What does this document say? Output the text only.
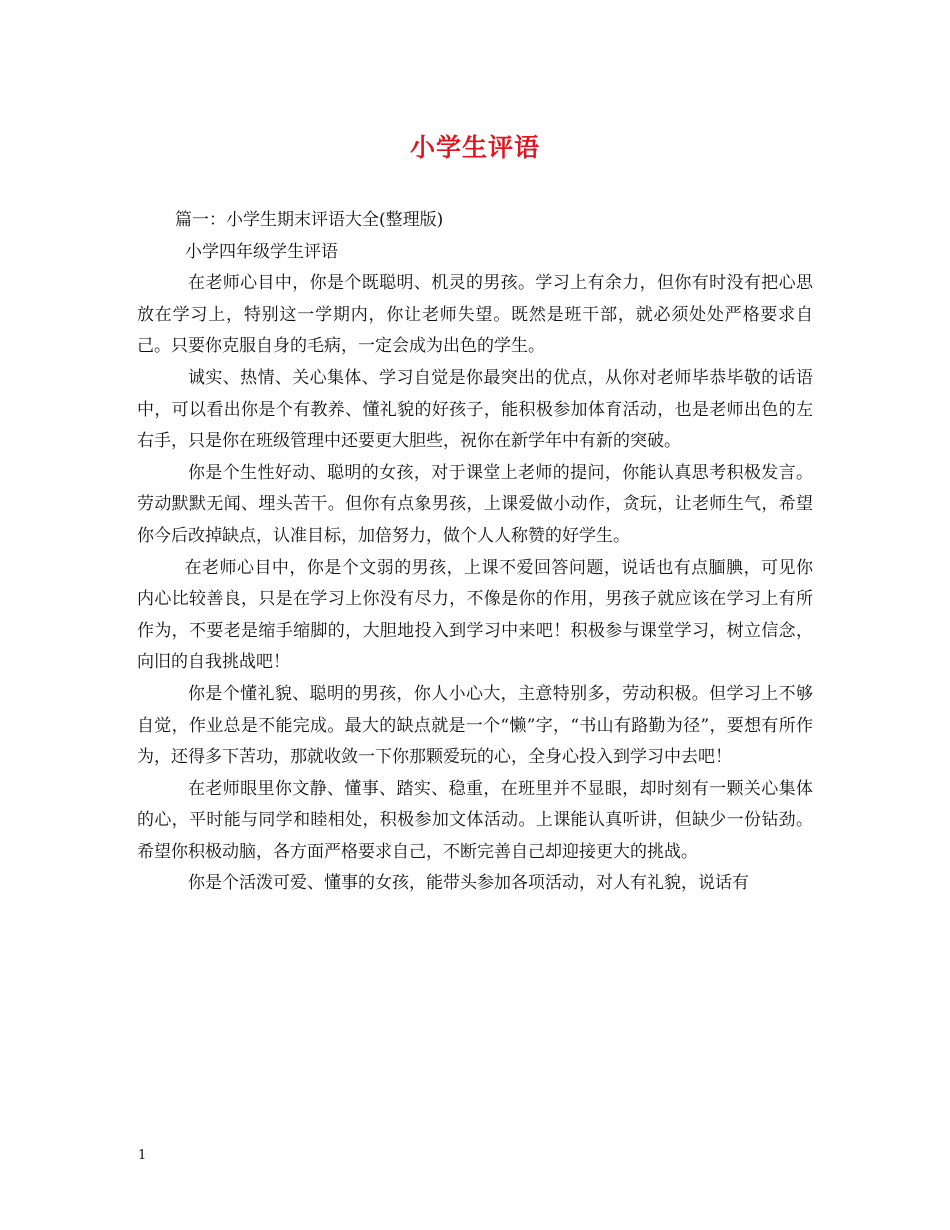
小学生评语

篇一：小学生期末评语大全(整理版)

小学四年级学生评语

在老师心目中，你是个既聪明、机灵的男孩。学习上有余力，但你有时没有把心思放在学习上，特别这一学期内，你让老师失望。既然是班干部，就必须处处严格要求自己。只要你克服自身的毛病，一定会成为出色的学生。

诚实、热情、关心集体、学习自觉是你最突出的优点，从你对老师毕恭毕敬的话语中，可以看出你是个有教养、懂礼貌的好孩子，能积极参加体育活动，也是老师出色的左右手，只是你在班级管理中还要更大胆些，祝你在新学年中有新的突破。

你是个生性好动、聪明的女孩，对于课堂上老师的提问，你能认真思考积极发言。劳动默默无闻、埋头苦干。但你有点象男孩，上课爱做小动作，贪玩，让老师生气，希望你今后改掉缺点，认准目标，加倍努力，做个人人称赞的好学生。

在老师心目中，你是个文弱的男孩，上课不爱回答问题，说话也有点腼腆，可见你内心比较善良，只是在学习上你没有尽力，不像是你的作用，男孩子就应该在学习上有所作为，不要老是缩手缩脚的，大胆地投入到学习中来吧！积极参与课堂学习，树立信念，向旧的自我挑战吧！

你是个懂礼貌、聪明的男孩，你人小心大，主意特别多，劳动积极。但学习上不够自觉，作业总是不能完成。最大的缺点就是一个“懒”字，“书山有路勤为径”，要想有所作为，还得多下苦功，那就收敛一下你那颗爱玩的心，全身心投入到学习中去吧！

在老师眼里你文静、懂事、踏实、稳重，在班里并不显眼，却时刻有一颗关心集体的心，平时能与同学和睦相处，积极参加文体活动。上课能认真听讲，但缺少一份钻劲。希望你积极动脑，各方面严格要求自己，不断完善自己却迎接更大的挑战。

你是个活泼可爱、懂事的女孩，能带头参加各项活动，对人有礼貌，说话有

1
